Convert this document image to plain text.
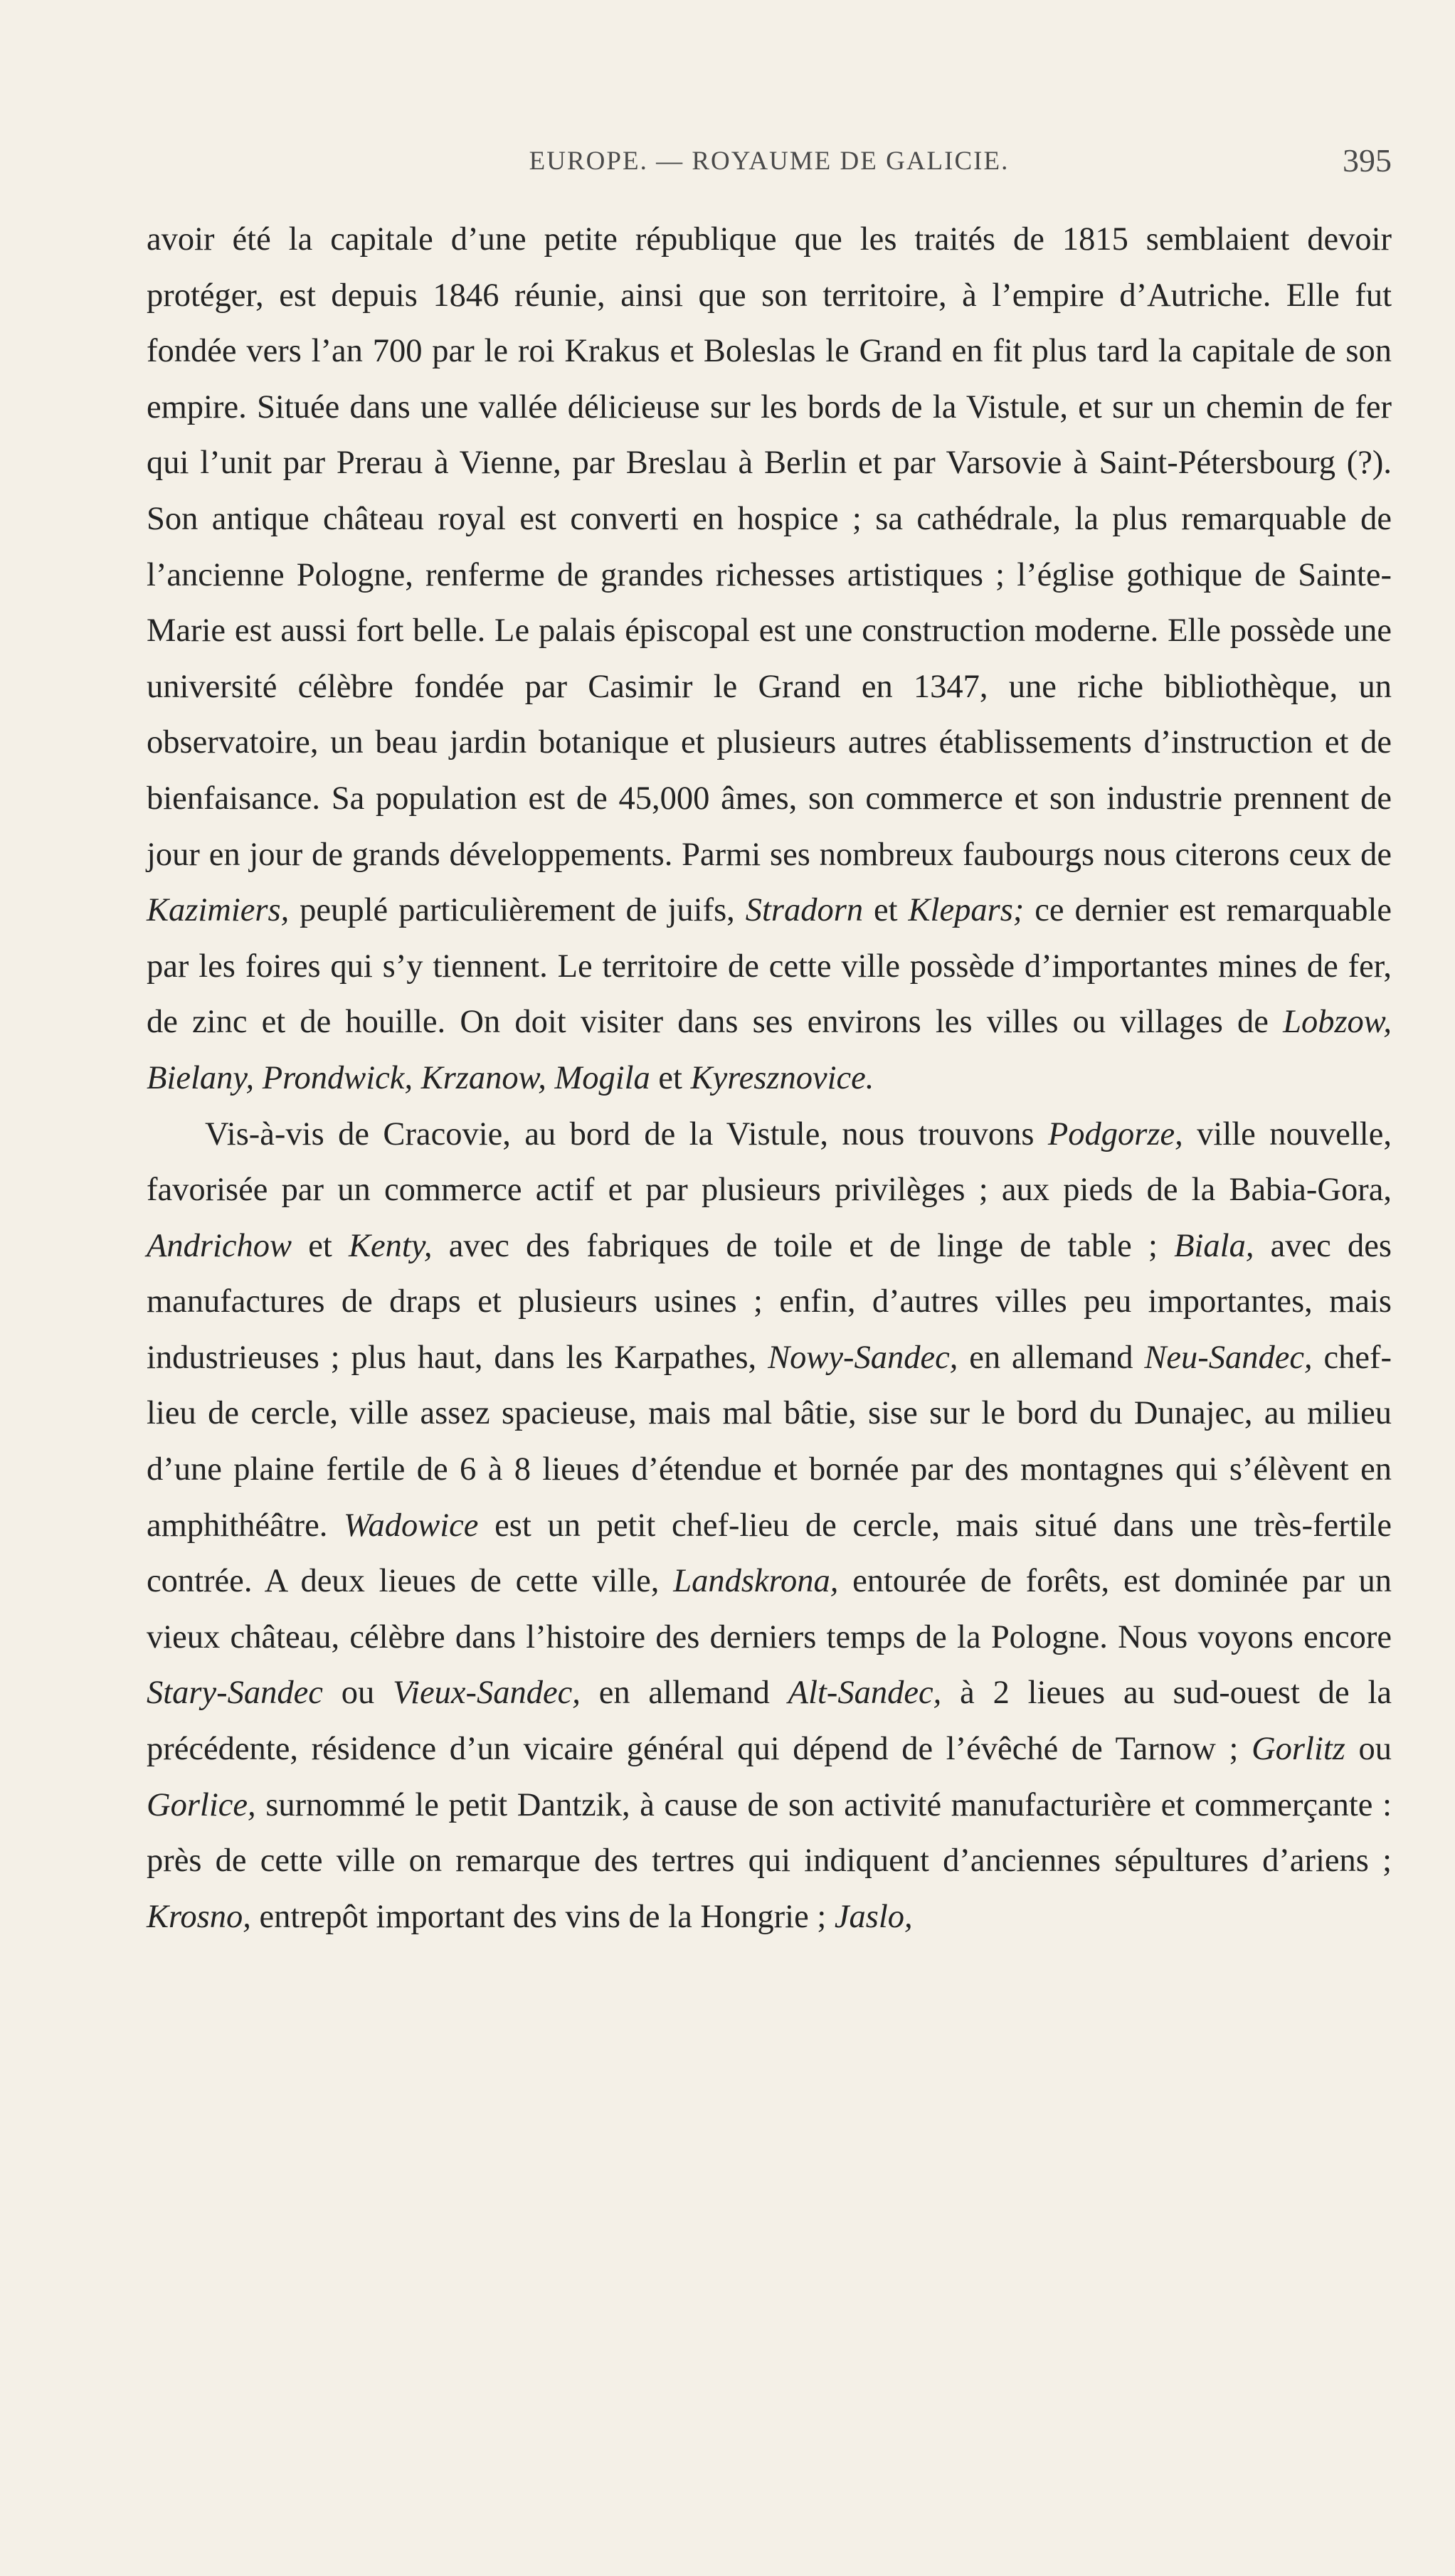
EUROPE. — ROYAUME DE GALICIE.	395

avoir été la capitale d’une petite république que les traités de 1815 semblaient devoir protéger, est depuis 1846 réunie, ainsi que son territoire, à l’empire d’Autriche. Elle fut fondée vers l’an 700 par le roi Krakus et Boleslas le Grand en fit plus tard la capitale de son empire. Située dans une vallée délicieuse sur les bords de la Vistule, et sur un chemin de fer qui l’unit par Prerau à Vienne, par Breslau à Berlin et par Varsovie à Saint-Pétersbourg (?). Son antique château royal est converti en hospice ; sa cathédrale, la plus remarquable de l’ancienne Pologne, renferme de grandes richesses artistiques ; l’église gothique de Sainte-Marie est aussi fort belle. Le palais épiscopal est une construction moderne. Elle possède une université célèbre fondée par Casimir le Grand en 1347, une riche bibliothèque, un observatoire, un beau jardin botanique et plusieurs autres établissements d’instruction et de bienfaisance. Sa population est de 45,000 âmes, son commerce et son industrie prennent de jour en jour de grands développements. Parmi ses nombreux faubourgs nous citerons ceux de Kazimiers, peuplé particulièrement de juifs, Stradorn et Klepars; ce dernier est remarquable par les foires qui s’y tiennent. Le territoire de cette ville possède d’importantes mines de fer, de zinc et de houille. On doit visiter dans ses environs les villes ou villages de Lobzow, Bielany, Prondwick, Krzanow, Mogila et Kyresznovice.

Vis-à-vis de Cracovie, au bord de la Vistule, nous trouvons Podgorze, ville nouvelle, favorisée par un commerce actif et par plusieurs privilèges ; aux pieds de la Babia-Gora, Andrichow et Kenty, avec des fabriques de toile et de linge de table ; Biala, avec des manufactures de draps et plusieurs usines ; enfin, d’autres villes peu importantes, mais industrieuses ; plus haut, dans les Karpathes, Nowy-Sandec, en allemand Neu-Sandec, chef-lieu de cercle, ville assez spacieuse, mais mal bâtie, sise sur le bord du Dunajec, au milieu d’une plaine fertile de 6 à 8 lieues d’étendue et bornée par des montagnes qui s’élèvent en amphithéâtre. Wadowice est un petit chef-lieu de cercle, mais situé dans une très-fertile contrée. A deux lieues de cette ville, Landskrona, entourée de forêts, est dominée par un vieux château, célèbre dans l’histoire des derniers temps de la Pologne. Nous voyons encore Stary-Sandec ou Vieux-Sandec, en allemand Alt-Sandec, à 2 lieues au sud-ouest de la précédente, résidence d’un vicaire général qui dépend de l’évêché de Tarnow ; Gorlitz ou Gorlice, surnommé le petit Dantzik, à cause de son activité manufacturière et commerçante : près de cette ville on remarque des tertres qui indiquent d’anciennes sépultures d’ariens ; Krosno, entrepôt important des vins de la Hongrie ; Jaslo,
